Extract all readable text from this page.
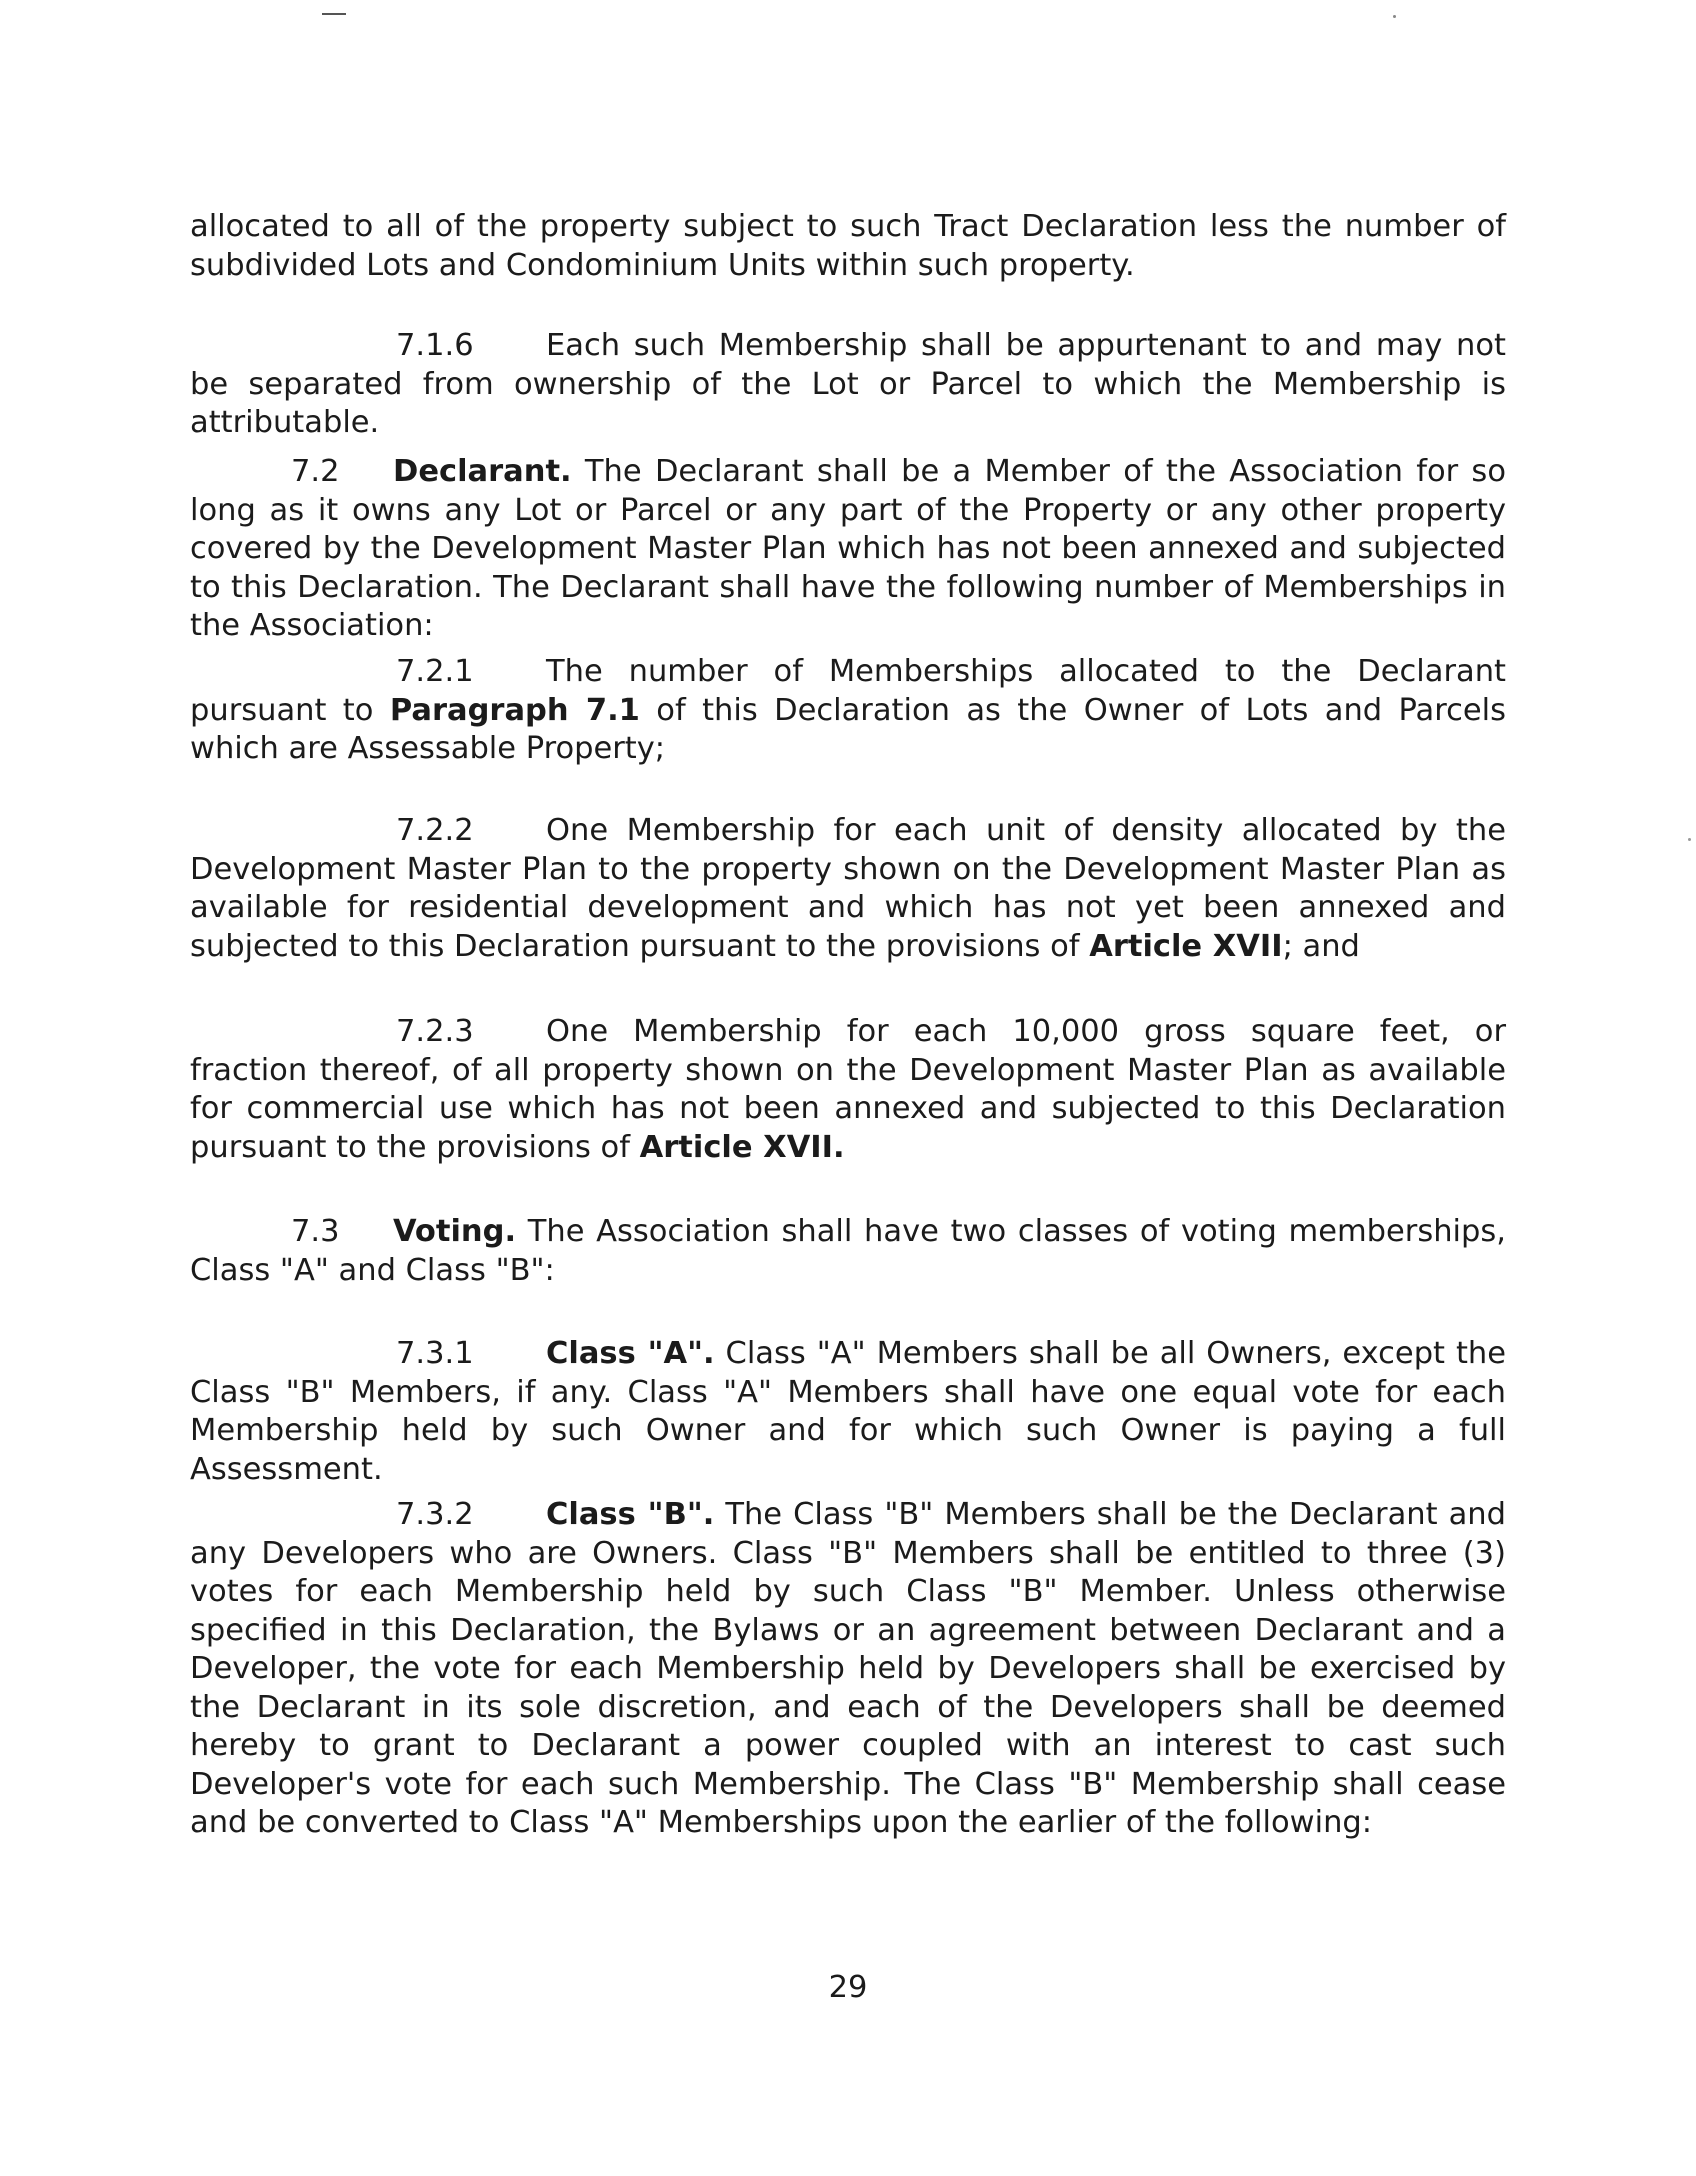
allocated to all of the property subject to such Tract Declaration less the number of subdivided Lots and Condominium Units within such property.

7.1.6 Each such Membership shall be appurtenant to and may not be separated from ownership of the Lot or Parcel to which the Membership is attributable.

7.2 Declarant. The Declarant shall be a Member of the Association for so long as it owns any Lot or Parcel or any part of the Property or any other property covered by the Development Master Plan which has not been annexed and subjected to this Declaration. The Declarant shall have the following number of Memberships in the Association:

7.2.1 The number of Memberships allocated to the Declarant pursuant to Paragraph 7.1 of this Declaration as the Owner of Lots and Parcels which are Assessable Property;

7.2.2 One Membership for each unit of density allocated by the Development Master Plan to the property shown on the Development Master Plan as available for residential development and which has not yet been annexed and subjected to this Declaration pursuant to the provisions of Article XVII; and

7.2.3 One Membership for each 10,000 gross square feet, or fraction thereof, of all property shown on the Development Master Plan as available for commercial use which has not been annexed and subjected to this Declaration pursuant to the provisions of Article XVII.

7.3 Voting. The Association shall have two classes of voting memberships, Class "A" and Class "B":

7.3.1 Class "A". Class "A" Members shall be all Owners, except the Class "B" Members, if any. Class "A" Members shall have one equal vote for each Membership held by such Owner and for which such Owner is paying a full Assessment.

7.3.2 Class "B". The Class "B" Members shall be the Declarant and any Developers who are Owners. Class "B" Members shall be entitled to three (3) votes for each Membership held by such Class "B" Member. Unless otherwise specified in this Declaration, the Bylaws or an agreement between Declarant and a Developer, the vote for each Membership held by Developers shall be exercised by the Declarant in its sole discretion, and each of the Developers shall be deemed hereby to grant to Declarant a power coupled with an interest to cast such Developer's vote for each such Membership. The Class "B" Membership shall cease and be converted to Class "A" Memberships upon the earlier of the following:

29
